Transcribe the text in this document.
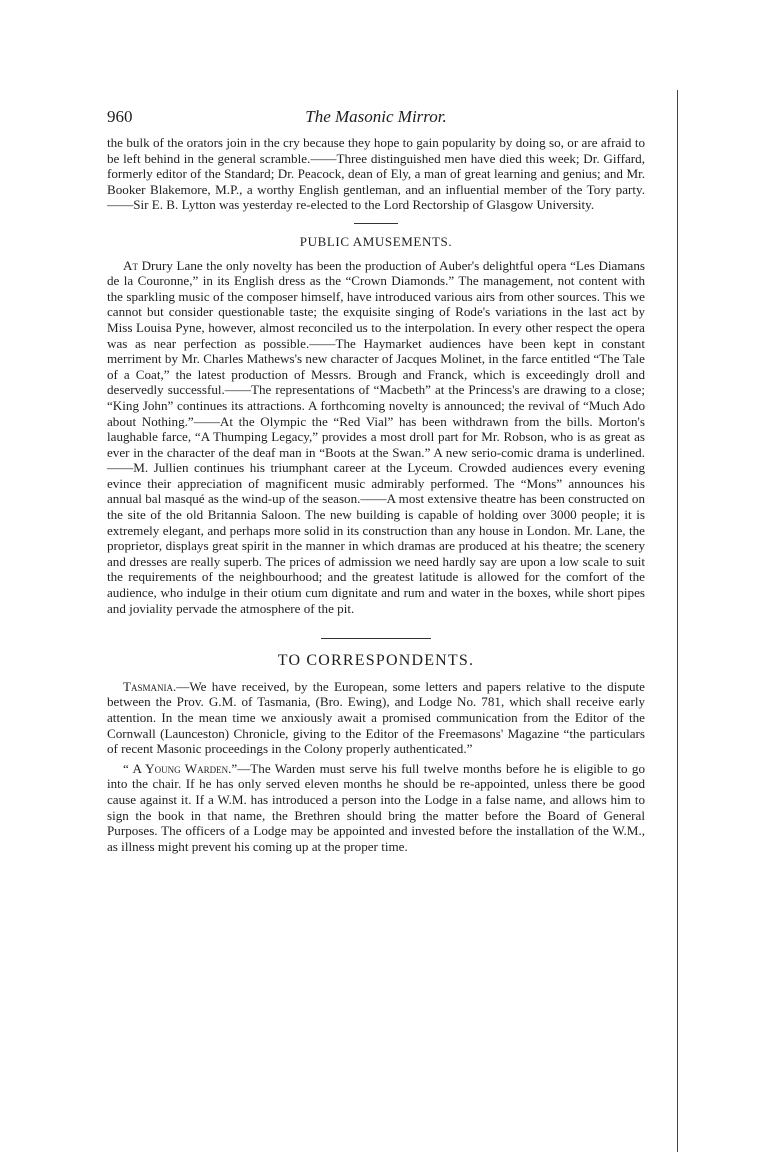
960	The Masonic Mirror.

the bulk of the orators join in the cry because they hope to gain popularity by doing so, or are afraid to be left behind in the general scramble.——Three distinguished men have died this week; Dr. Giffard, formerly editor of the Standard; Dr. Peacock, dean of Ely, a man of great learning and genius; and Mr. Booker Blakemore, M.P., a worthy English gentleman, and an influential member of the Tory party.——Sir E. B. Lytton was yesterday re-elected to the Lord Rectorship of Glasgow University.

PUBLIC AMUSEMENTS.

At Drury Lane the only novelty has been the production of Auber's delightful opera “Les Diamans de la Couronne,” in its English dress as the “Crown Diamonds.” The management, not content with the sparkling music of the composer himself, have introduced various airs from other sources. This we cannot but consider questionable taste; the exquisite singing of Rode's variations in the last act by Miss Louisa Pyne, however, almost reconciled us to the interpolation. In every other respect the opera was as near perfection as possible.——The Haymarket audiences have been kept in constant merriment by Mr. Charles Mathews's new character of Jacques Molinet, in the farce entitled “The Tale of a Coat,” the latest production of Messrs. Brough and Franck, which is exceedingly droll and deservedly successful.——The representations of “Macbeth” at the Princess's are drawing to a close; “King John” continues its attractions. A forthcoming novelty is announced; the revival of “Much Ado about Nothing.”——At the Olympic the “Red Vial” has been withdrawn from the bills. Morton's laughable farce, “A Thumping Legacy,” provides a most droll part for Mr. Robson, who is as great as ever in the character of the deaf man in “Boots at the Swan.” A new serio-comic drama is underlined.——M. Jullien continues his triumphant career at the Lyceum. Crowded audiences every evening evince their appreciation of magnificent music admirably performed. The “Mons” announces his annual bal masqué as the wind-up of the season.——A most extensive theatre has been constructed on the site of the old Britannia Saloon. The new building is capable of holding over 3000 people; it is extremely elegant, and perhaps more solid in its construction than any house in London. Mr. Lane, the proprietor, displays great spirit in the manner in which dramas are produced at his theatre; the scenery and dresses are really superb. The prices of admission we need hardly say are upon a low scale to suit the requirements of the neighbourhood; and the greatest latitude is allowed for the comfort of the audience, who indulge in their otium cum dignitate and rum and water in the boxes, while short pipes and joviality pervade the atmosphere of the pit.

TO CORRESPONDENTS.

Tasmania.—We have received, by the European, some letters and papers relative to the dispute between the Prov. G.M. of Tasmania, (Bro. Ewing), and Lodge No. 781, which shall receive early attention. In the mean time we anxiously await a promised communication from the Editor of the Cornwall (Launceston) Chronicle, giving to the Editor of the Freemasons' Magazine “the particulars of recent Masonic proceedings in the Colony properly authenticated.”

“ A Young Warden.”—The Warden must serve his full twelve months before he is eligible to go into the chair. If he has only served eleven months he should be re-appointed, unless there be good cause against it. If a W.M. has introduced a person into the Lodge in a false name, and allows him to sign the book in that name, the Brethren should bring the matter before the Board of General Purposes. The officers of a Lodge may be appointed and invested before the installation of the W.M., as illness might prevent his coming up at the proper time.
